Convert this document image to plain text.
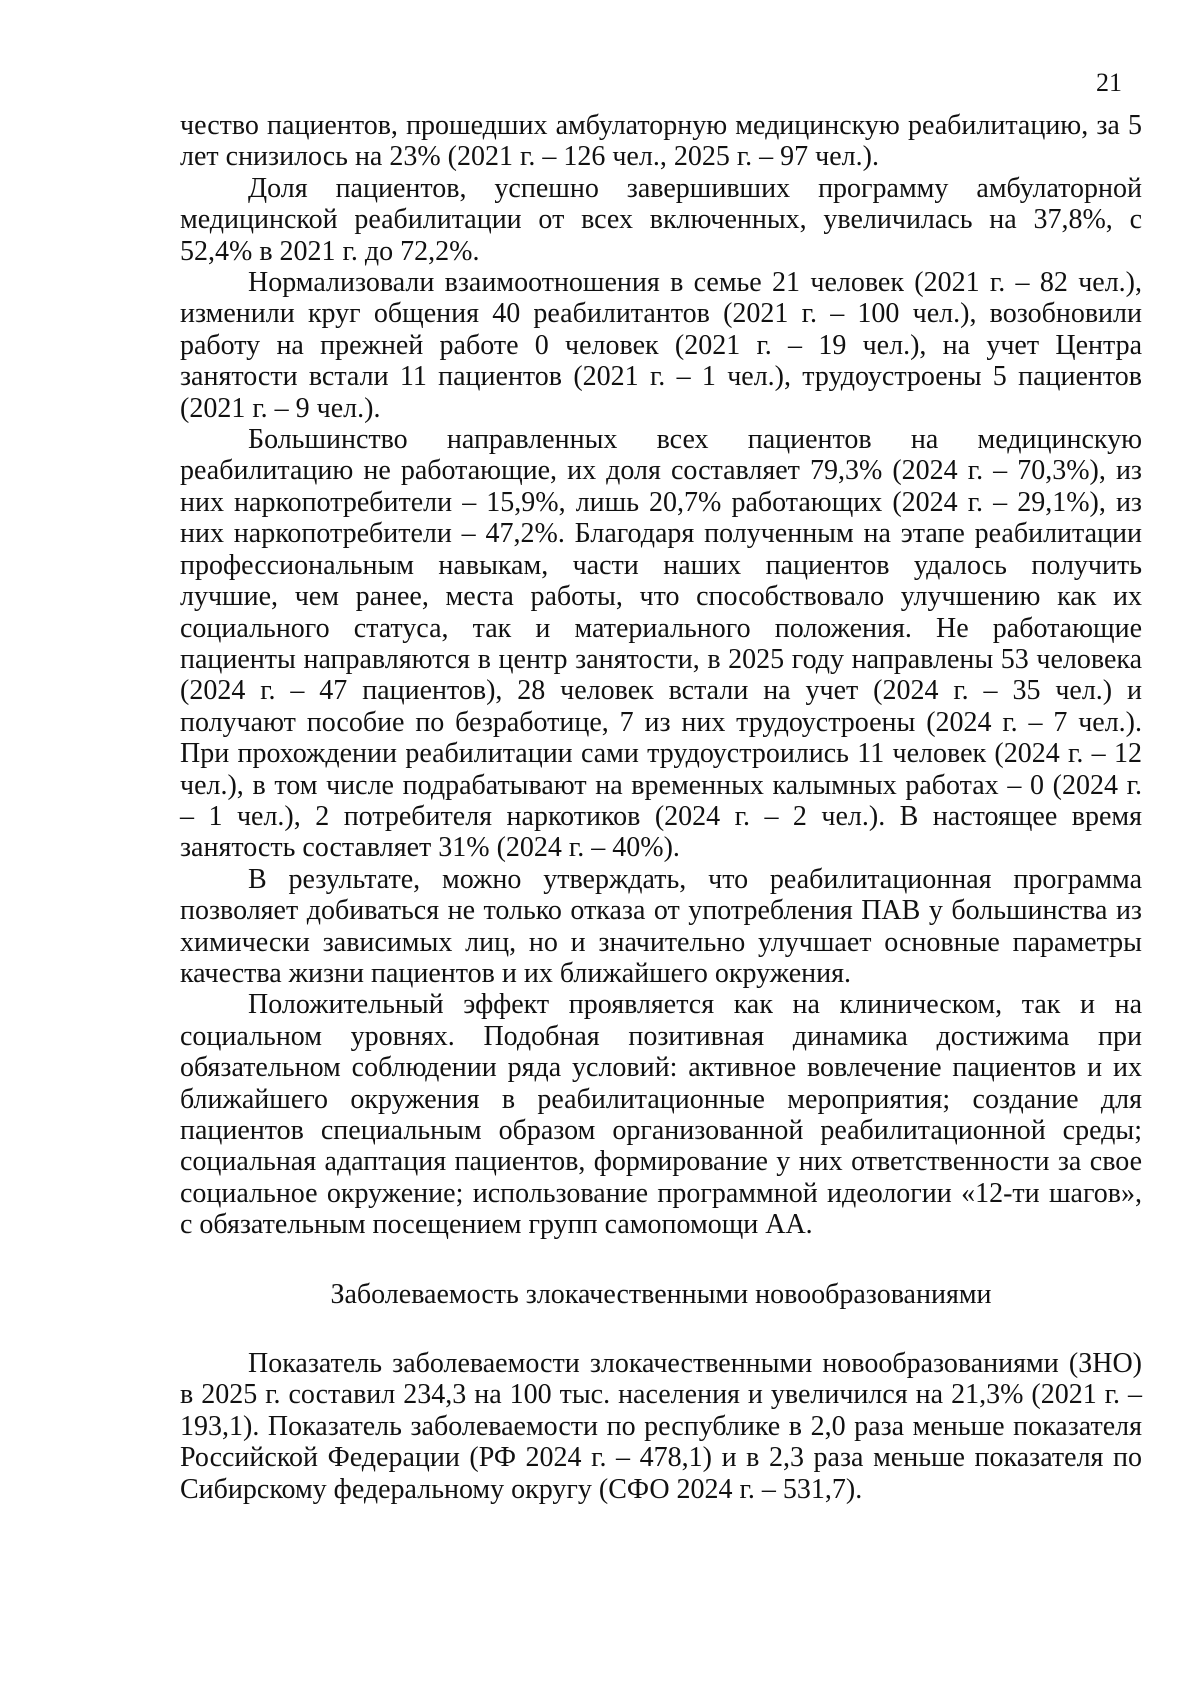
21

чество пациентов, прошедших амбулаторную медицинскую реабилитацию, за 5 лет снизилось на 23% (2021 г. – 126 чел., 2025 г. – 97 чел.).

Доля пациентов, успешно завершивших программу амбулаторной медицинской реабилитации от всех включенных, увеличилась на 37,8%, с 52,4% в 2021 г. до 72,2%.

Нормализовали взаимоотношения в семье 21 человек (2021 г. – 82 чел.), изменили круг общения 40 реабилитантов (2021 г. – 100 чел.), возобновили работу на прежней работе 0 человек (2021 г. – 19 чел.), на учет Центра занятости встали 11 пациентов (2021 г. – 1 чел.), трудоустроены 5 пациентов (2021 г. – 9 чел.).

Большинство направленных всех пациентов на медицинскую реабилитацию не работающие, их доля составляет 79,3% (2024 г. – 70,3%), из них наркопотребители – 15,9%, лишь 20,7% работающих (2024 г. – 29,1%), из них наркопотребители – 47,2%. Благодаря полученным на этапе реабилитации профессиональным навыкам, части наших пациентов удалось получить лучшие, чем ранее, места работы, что способствовало улучшению как их социального статуса, так и материального положения. Не работающие пациенты направляются в центр занятости, в 2025 году направлены 53 человека (2024 г. – 47 пациентов), 28 человек встали на учет (2024 г. – 35 чел.) и получают пособие по безработице, 7 из них трудоустроены (2024 г. – 7 чел.). При прохождении реабилитации сами трудоустроились 11 человек (2024 г. – 12 чел.), в том числе подрабатывают на временных калымных работах – 0 (2024 г. – 1 чел.), 2 потребителя наркотиков (2024 г. – 2 чел.). В настоящее время занятость составляет 31% (2024 г. – 40%).

В результате, можно утверждать, что реабилитационная программа позволяет добиваться не только отказа от употребления ПАВ у большинства из химически зависимых лиц, но и значительно улучшает основные параметры качества жизни пациентов и их ближайшего окружения.

Положительный эффект проявляется как на клиническом, так и на социальном уровнях. Подобная позитивная динамика достижима при обязательном соблюдении ряда условий: активное вовлечение пациентов и их ближайшего окружения в реабилитационные мероприятия; создание для пациентов специальным образом организованной реабилитационной среды; социальная адаптация пациентов, формирование у них ответственности за свое социальное окружение; использование программной идеологии «12-ти шагов», с обязательным посещением групп самопомощи АА.

Заболеваемость злокачественными новообразованиями

Показатель заболеваемости злокачественными новообразованиями (ЗНО) в 2025 г. составил 234,3 на 100 тыс. населения и увеличился на 21,3% (2021 г. – 193,1). Показатель заболеваемости по республике в 2,0 раза меньше показателя Российской Федерации (РФ 2024 г. – 478,1) и в 2,3 раза меньше показателя по Сибирскому федеральному округу (СФО 2024 г. – 531,7).
